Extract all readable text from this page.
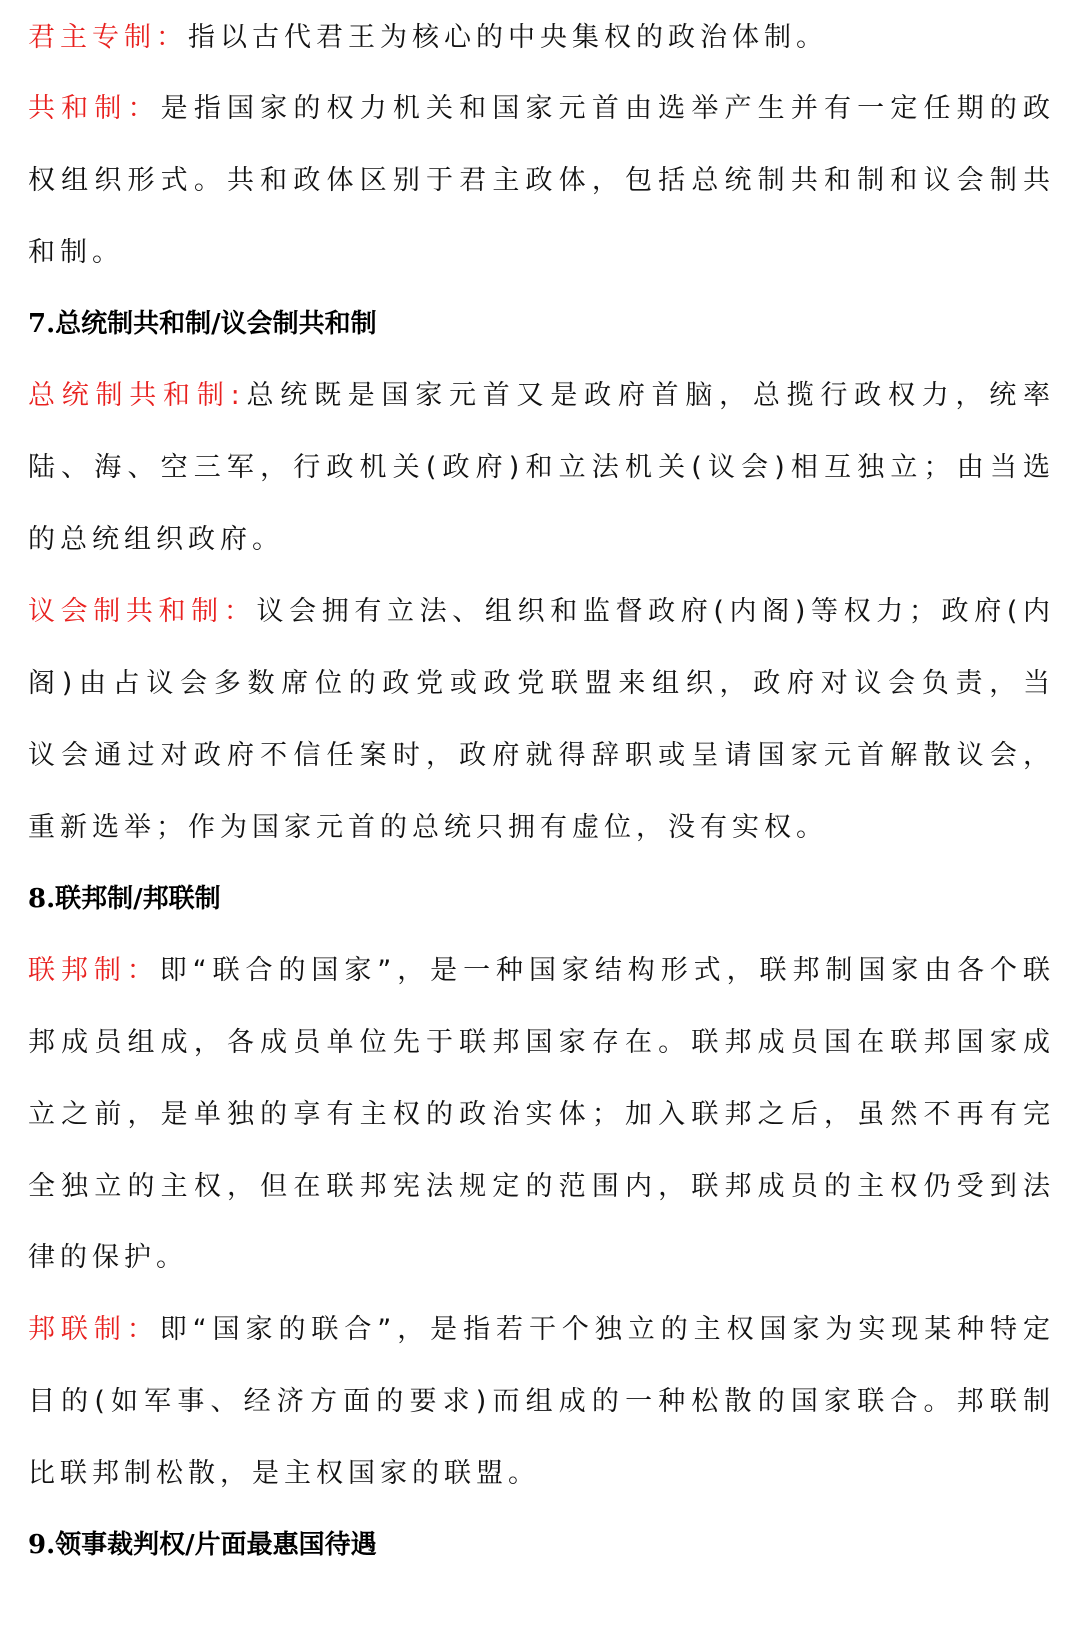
君主专制：指以古代君王为核心的中央集权的政治体制。
共和制：是指国家的权力机关和国家元首由选举产生并有一定任期的政
权组织形式。共和政体区别于君主政体，包括总统制共和制和议会制共
和制。
7.总统制共和制/议会制共和制
总统制共和制:总统既是国家元首又是政府首脑，总揽行政权力，统率
陆、海、空三军，行政机关(政府)和立法机关(议会)相互独立；由当选
的总统组织政府。
议会制共和制：议会拥有立法、组织和监督政府(内阁)等权力；政府(内
阁)由占议会多数席位的政党或政党联盟来组织，政府对议会负责，当
议会通过对政府不信任案时，政府就得辞职或呈请国家元首解散议会，
重新选举；作为国家元首的总统只拥有虚位，没有实权。
8.联邦制/邦联制
联邦制：即“联合的国家”，是一种国家结构形式，联邦制国家由各个联
邦成员组成，各成员单位先于联邦国家存在。联邦成员国在联邦国家成
立之前，是单独的享有主权的政治实体；加入联邦之后，虽然不再有完
全独立的主权，但在联邦宪法规定的范围内，联邦成员的主权仍受到法
律的保护。
邦联制：即“国家的联合”，是指若干个独立的主权国家为实现某种特定
目的(如军事、经济方面的要求)而组成的一种松散的国家联合。邦联制
比联邦制松散，是主权国家的联盟。
9.领事裁判权/片面最惠国待遇
